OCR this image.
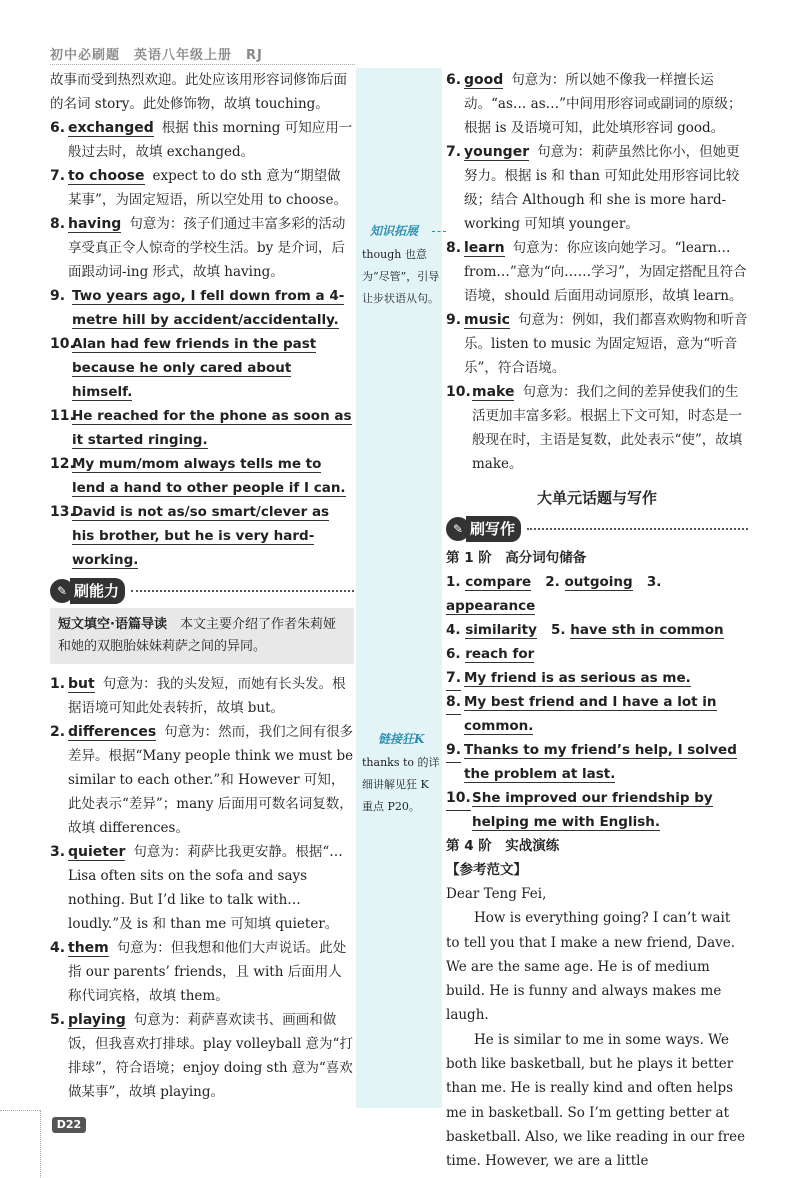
初中必刷题　英语八年级上册　RJ
知识拓展
though 也意为“尽管”，引导让步状语从句。
链接狂K
thanks to 的详细讲解见狂 K 重点 P20。

故事而受到热烈欢迎。此处应该用形容词修饰后面的名词 story。此处修饰物，故填 touching。

6. exchanged 根据 this morning 可知应用一般过去时，故填 exchanged。
7. to choose expect to do sth 意为“期望做某事”，为固定短语，所以空处用 to choose。
8. having 句意为：孩子们通过丰富多彩的活动享受真正令人惊奇的学校生活。by 是介词，后面跟动词-ing 形式，故填 having。
9. Two years ago, I fell down from a 4-metre hill by accident/accidentally.
10.
Alan had few friends in the past because he only cared about himself.
11.
He reached for the phone as soon as it started ringing.
12.
My mum/mom always tells me to lend a hand to other people if I can.
13.
David is not as/so smart/clever as his brother, but he is very hard-working.
✎ 刷能力
短文填空·语篇导读　 本文主要介绍了作者朱莉娅和她的双胞胎妹妹莉萨之间的异同。
1. but 句意为：我的头发短，而她有长头发。根据语境可知此处表转折，故填 but。
2. differences 句意为：然而，我们之间有很多差异。根据“Many people think we must be similar to each other.”和 However 可知，此处表示“差异”；many 后面用可数名词复数，故填 differences。
3. quieter 句意为：莉萨比我更安静。根据“… Lisa often sits on the sofa and says nothing. But I’d like to talk with… loudly.”及 is 和 than me 可知填 quieter。
4. them 句意为：但我想和他们大声说话。此处指 our parents’ friends，且 with 后面用人称代词宾格，故填 them。
5. playing 句意为：莉萨喜欢读书、画画和做饭，但我喜欢打排球。play volleyball 意为“打排球”，符合语境；enjoy doing sth 意为“喜欢做某事”，故填 playing。
6. good 句意为：所以她不像我一样擅长运动。“as… as…”中间用形容词或副词的原级；根据 is 及语境可知，此处填形容词 good。
7. younger 句意为：莉萨虽然比你小，但她更努力。根据 is 和 than 可知此处用形容词比较级；结合 Although 和 she is more hard-working 可知填 younger。
8. learn 句意为：你应该向她学习。“learn… from…”意为“向……学习”，为固定搭配且符合语境，should 后面用动词原形，故填 learn。
9. music 句意为：例如，我们都喜欢购物和听音乐。listen to music 为固定短语，意为“听音乐”，符合语境。
10. make 句意为：我们之间的差异使我们的生活更加丰富多彩。根据上下文可知，时态是一般现在时，主语是复数，此处表示“使”，故填 make。
大单元话题与写作
✎ 刷写作
第 1 阶　高分词句储备
1. compare 2. outgoing 3. appearance
4. similarity 5. have sth in common
6. reach for
7. My friend is as serious as me.
8. My best friend and I have a lot in common.
9. Thanks to my friend’s help, I solved the problem at last.
10. She improved our friendship by helping me with English.
第 4 阶　实战演练
【参考范文】

Dear Teng Fei,

How is everything going? I can’t wait to tell you that I make a new friend, Dave. We are the same age. He is of medium build. He is funny and always makes me laugh.

He is similar to me in some ways. We both like basketball, but he plays it better than me. He is really kind and often helps me in basketball. So I’m getting better at basketball. Also, we like reading in our free time. However, we are a little

D22
